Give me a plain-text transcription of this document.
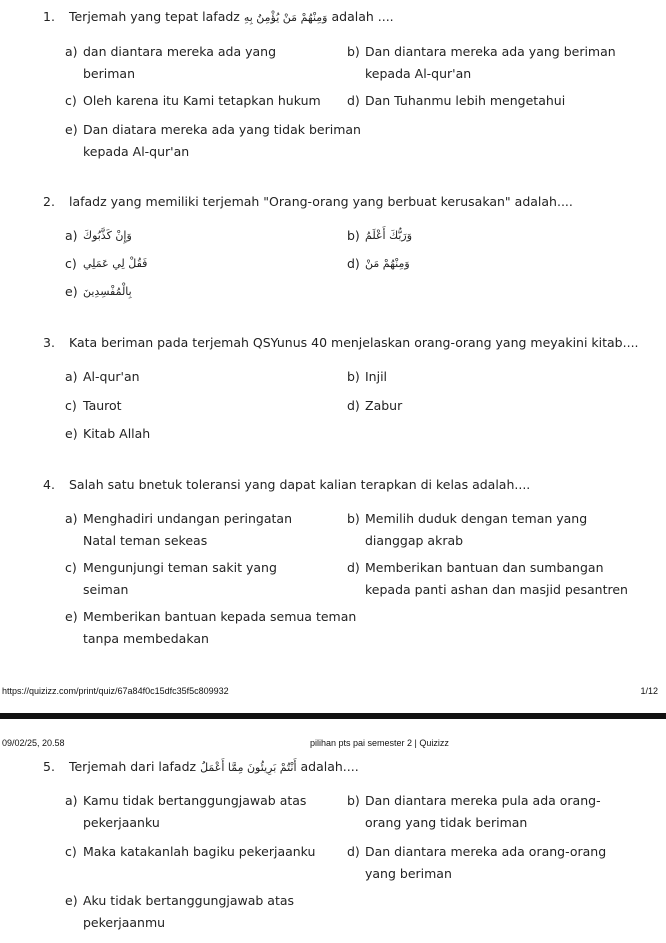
1. Terjemah yang tepat lafadz وَمِنْهُمْ مَنْ يُؤْمِنُ بِهِ adalah ....
a) dan diantara mereka ada yang beriman
b) Dan diantara mereka ada yang beriman kepada Al-qur'an
c) Oleh karena itu Kami tetapkan hukum	d) Dan Tuhanmu lebih mengetahui
e) Dan diatara mereka ada yang tidak beriman kepada Al-qur'an
2. lafadz yang memiliki terjemah "Orang-orang yang berbuat kerusakan" adalah....
a) وَإِنْ كَذَّبُوكَ	b) وَرَبُّكَ أَعْلَمُ
c) فَقُلْ لِي عَمَلِي	d) وَمِنْهُمْ مَنْ
e) بِالْمُفْسِدِينَ
3. Kata beriman pada terjemah QSYunus 40 menjelaskan orang-orang yang meyakini kitab....
a) Al-qur'an	b) Injil
c) Taurot	d) Zabur
e) Kitab Allah
4. Salah satu bnetuk toleransi yang dapat kalian terapkan di kelas adalah....
a) Menghadiri undangan peringatan Natal teman sekeas
b) Memilih duduk dengan teman yang dianggap akrab
c) Mengunjungi teman sakit yang seiman
d) Memberikan bantuan dan sumbangan kepada panti ashan dan masjid pesantren
e) Memberikan bantuan kepada semua teman tanpa membedakan
https://quizizz.com/print/quiz/67a84f0c15dfc35f5c809932	1/12
09/02/25, 20.58	pilihan pts pai semester 2 | Quizizz
5. Terjemah dari lafadz أَنْتُمْ بَرِيئُونَ مِمَّا أَعْمَلُ adalah....
a) Kamu tidak bertanggungjawab atas pekerjaanku
b) Dan diantara mereka pula ada orang-orang yang tidak beriman
c) Maka katakanlah bagiku pekerjaanku	d) Dan diantara mereka ada orang-orang yang beriman
e) Aku tidak bertanggungjawab atas pekerjaanmu
